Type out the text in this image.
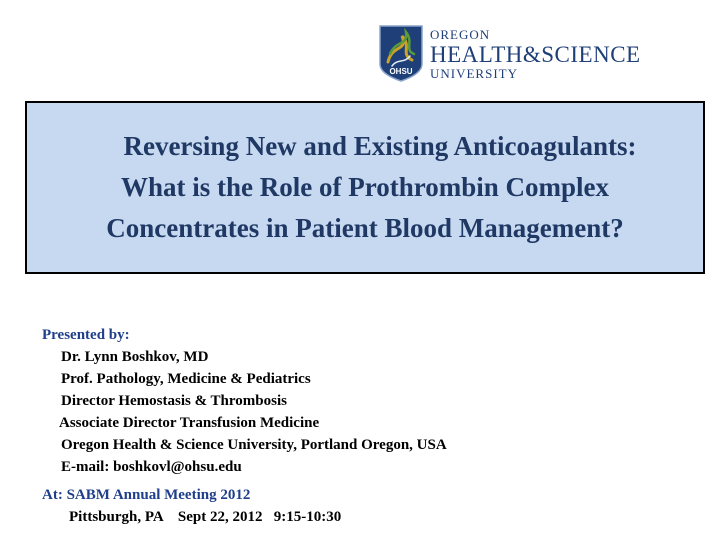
OHSU
OREGON
HEALTH&SCIENCE
UNIVERSITY
Reversing New and Existing Anticoagulants:
What is the Role of Prothrombin Complex
Concentrates in Patient Blood Management?
Presented by:
Dr. Lynn Boshkov, MD
Prof. Pathology, Medicine & Pediatrics
Director Hemostasis & Thrombosis
Associate Director Transfusion Medicine
Oregon Health & Science University, Portland Oregon, USA
E-mail: boshkovl@ohsu.edu
At: SABM Annual Meeting 2012
Pittsburgh, PA    Sept 22, 2012   9:15-10:30
